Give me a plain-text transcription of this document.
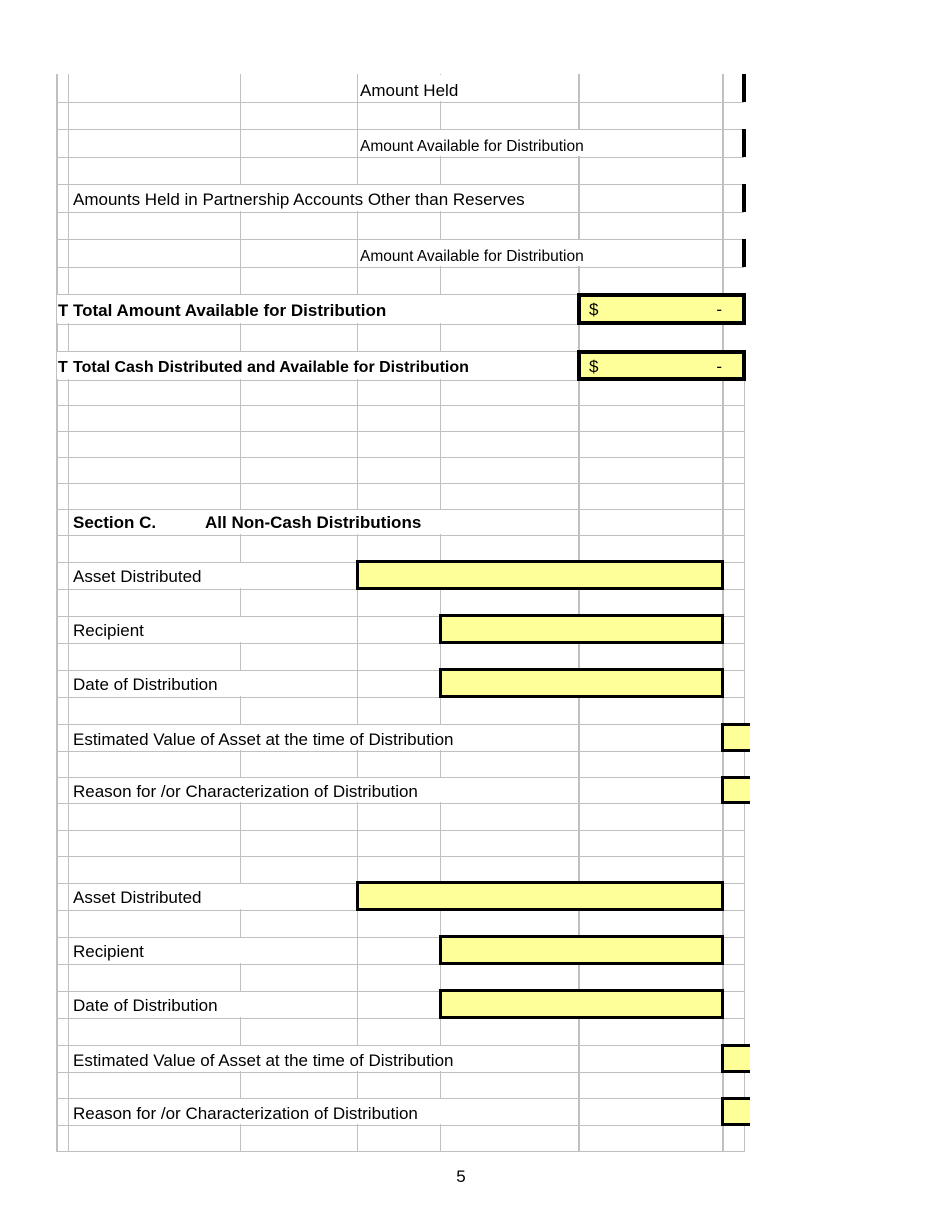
Amount Held
Amount Available for Distribution
Amounts Held in Partnership Accounts Other than Reserves
Amount Available for Distribution
T Total Amount Available for Distribution	$	-
T Total Cash Distributed and Available for Distribution	$	-
Section C.	All Non-Cash Distributions
Asset Distributed
Recipient
Date of Distribution
Estimated Value of Asset at the time of Distribution
Reason for /or Characterization of Distribution
Asset Distributed
Recipient
Date of Distribution
Estimated Value of Asset at the time of Distribution
Reason for /or Characterization of Distribution
5
